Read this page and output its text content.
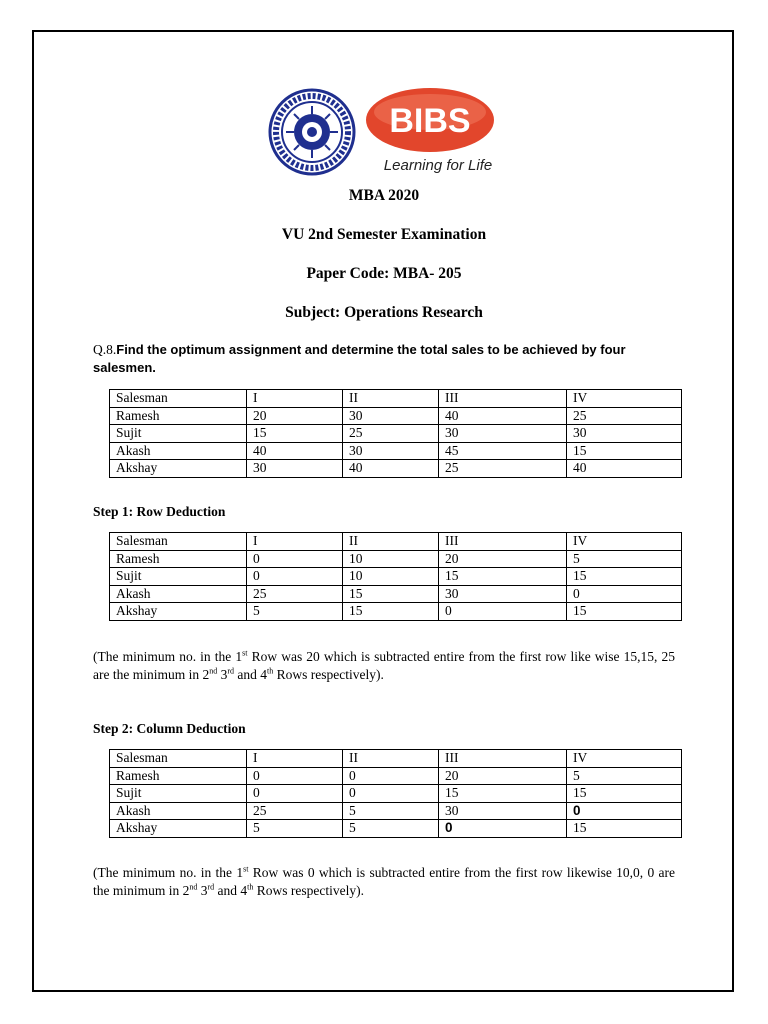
BIBS
Learning for Life
MBA 2020
VU 2nd Semester Examination
Paper Code: MBA- 205
Subject: Operations Research
Q.8.Find the optimum assignment and determine the total sales to be achieved by four salesmen.
Salesman	I	II	III	IV
Ramesh	20	30	40	25
Sujit	15	25	30	30
Akash	40	30	45	15
Akshay	30	40	25	40
Step 1: Row Deduction
Salesman	I	II	III	IV
Ramesh	0	10	20	5
Sujit	0	10	15	15
Akash	25	15	30	0
Akshay	5	15	0	15
(The minimum no. in the 1st Row was 20 which is subtracted entire from the first row like wise 15,15, 25 are the minimum in 2nd 3rd and 4th Rows respectively).
Step 2: Column Deduction
Salesman	I	II	III	IV
Ramesh	0	0	20	5
Sujit	0	0	15	15
Akash	25	5	30	0
Akshay	5	5	0	15
(The minimum no. in the 1st Row was 0 which is subtracted entire from the first row likewise 10,0, 0 are the minimum in 2nd 3rd and 4th Rows respectively).
